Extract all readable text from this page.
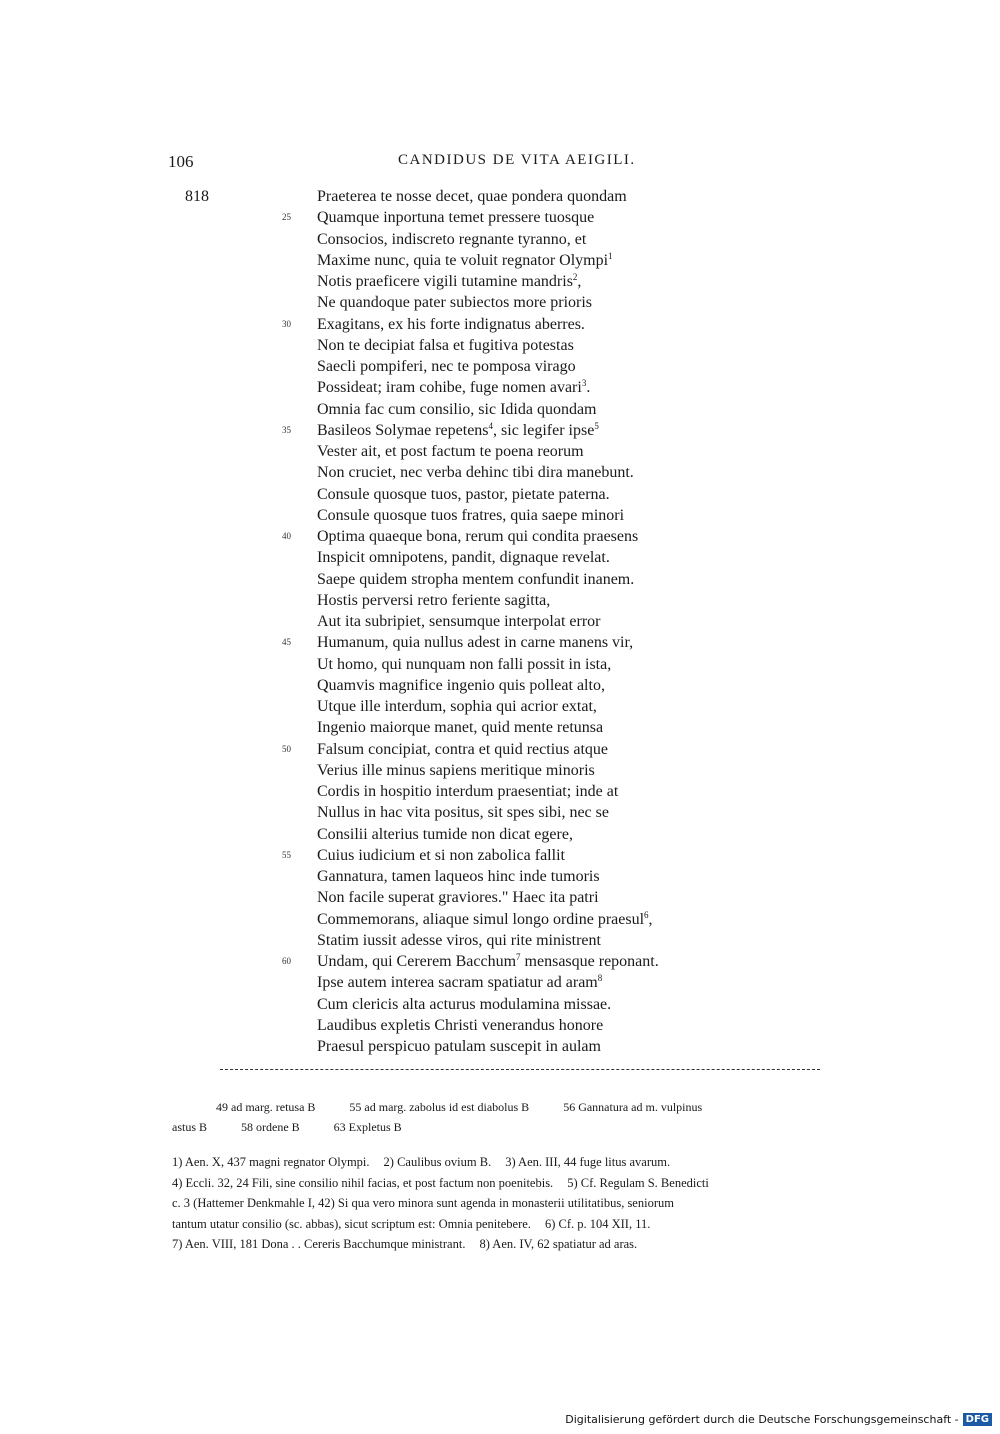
106	CANDIDUS DE VITA AEIGILI.
818	Praeterea te nosse decet, quae pondera quondam
25	Quamque inportuna temet pressere tuosque
Consocios, indiscreto regnante tyranno, et
Maxime nunc, quia te voluit regnator Olympi$^1$
Notis praeficere vigili tutamine mandris$^2$,
Ne quandoque pater subiectos more prioris
30	Exagitans, ex his forte indignatus aberres.
Non te decipiat falsa et fugitiva potestas
Saecli pompiferi, nec te pomposa virago
Possideat; iram cohibe, fuge nomen avari$^3$.
Omnia fac cum consilio, sic Idida quondam
35	Basileos Solymae repetens$^4$, sic legifer ipse$^5$
Vester ait, et post factum te poena reorum
Non cruciet, nec verba dehinc tibi dira manebunt.
Consule quosque tuos, pastor, pietate paterna.
Consule quosque tuos fratres, quia saepe minori
40	Optima quaeque bona, rerum qui condita praesens
Inspicit omnipotens, pandit, dignaque revelat.
Saepe quidem stropha mentem confundit inanem.
Hostis perversi retro feriente sagitta,
Aut ita subripiet, sensumque interpolat error
45	Humanum, quia nullus adest in carne manens vir,
Ut homo, qui nunquam non falli possit in ista,
Quamvis magnifice ingenio quis polleat alto,
Utque ille interdum, sophia qui acrior extat,
Ingenio maiorque manet, quid mente retunsa
50	Falsum concipiat, contra et quid rectius atque
Verius ille minus sapiens meritique minoris
Cordis in hospitio interdum praesentiat; inde at
Nullus in hac vita positus, sit spes sibi, nec se
Consilii alterius tumide non dicat egere,
55	Cuius iudicium et si non zabolica fallit
Gannatura, tamen laqueos hinc inde tumoris
Non facile superat graviores." Haec ita patri
Commemorans, aliaque simul longo ordine praesul$^6$,
Statim iussit adesse viros, qui rite ministrent
60	Undam, qui Cererem Bacchum$^7$ mensasque reponant.
Ipse autem interea sacram spatiatur ad aram$^8$
Cum clericis alta acturus modulamina missae.
Laudibus expletis Christi venerandus honore
Praesul perspicuo patulam suscepit in aulam
49 ad marg. retusa B	55 ad marg. zabolus id est diabolus B	56 Gannatura ad m. vulpinus
astus B	58 ordene B	63 Expletus B
1) Aen. X, 437 magni regnator Olympi. 2) Caulibus ovium B. 3) Aen. III, 44 fuge litus avarum.
4) Eccli. 32, 24 Fili, sine consilio nihil facias, et post factum non poenitebis. 5) Cf. Regulam S. Benedicti
c. 3 (Hattemer Denkmahle I, 42) Si qua vero minora sunt agenda in monasterii utilitatibus, seniorum
tantum utatur consilio (sc. abbas), sicut scriptum est: Omnia penitebere. 6) Cf. p. 104 XII, 11.
7) Aen. VIII, 181 Dona . . Cereris Bacchumque ministrant. 8) Aen. IV, 62 spatiatur ad aras.
Digitalisierung gefördert durch die Deutsche Forschungsgemeinschaft - DFG
